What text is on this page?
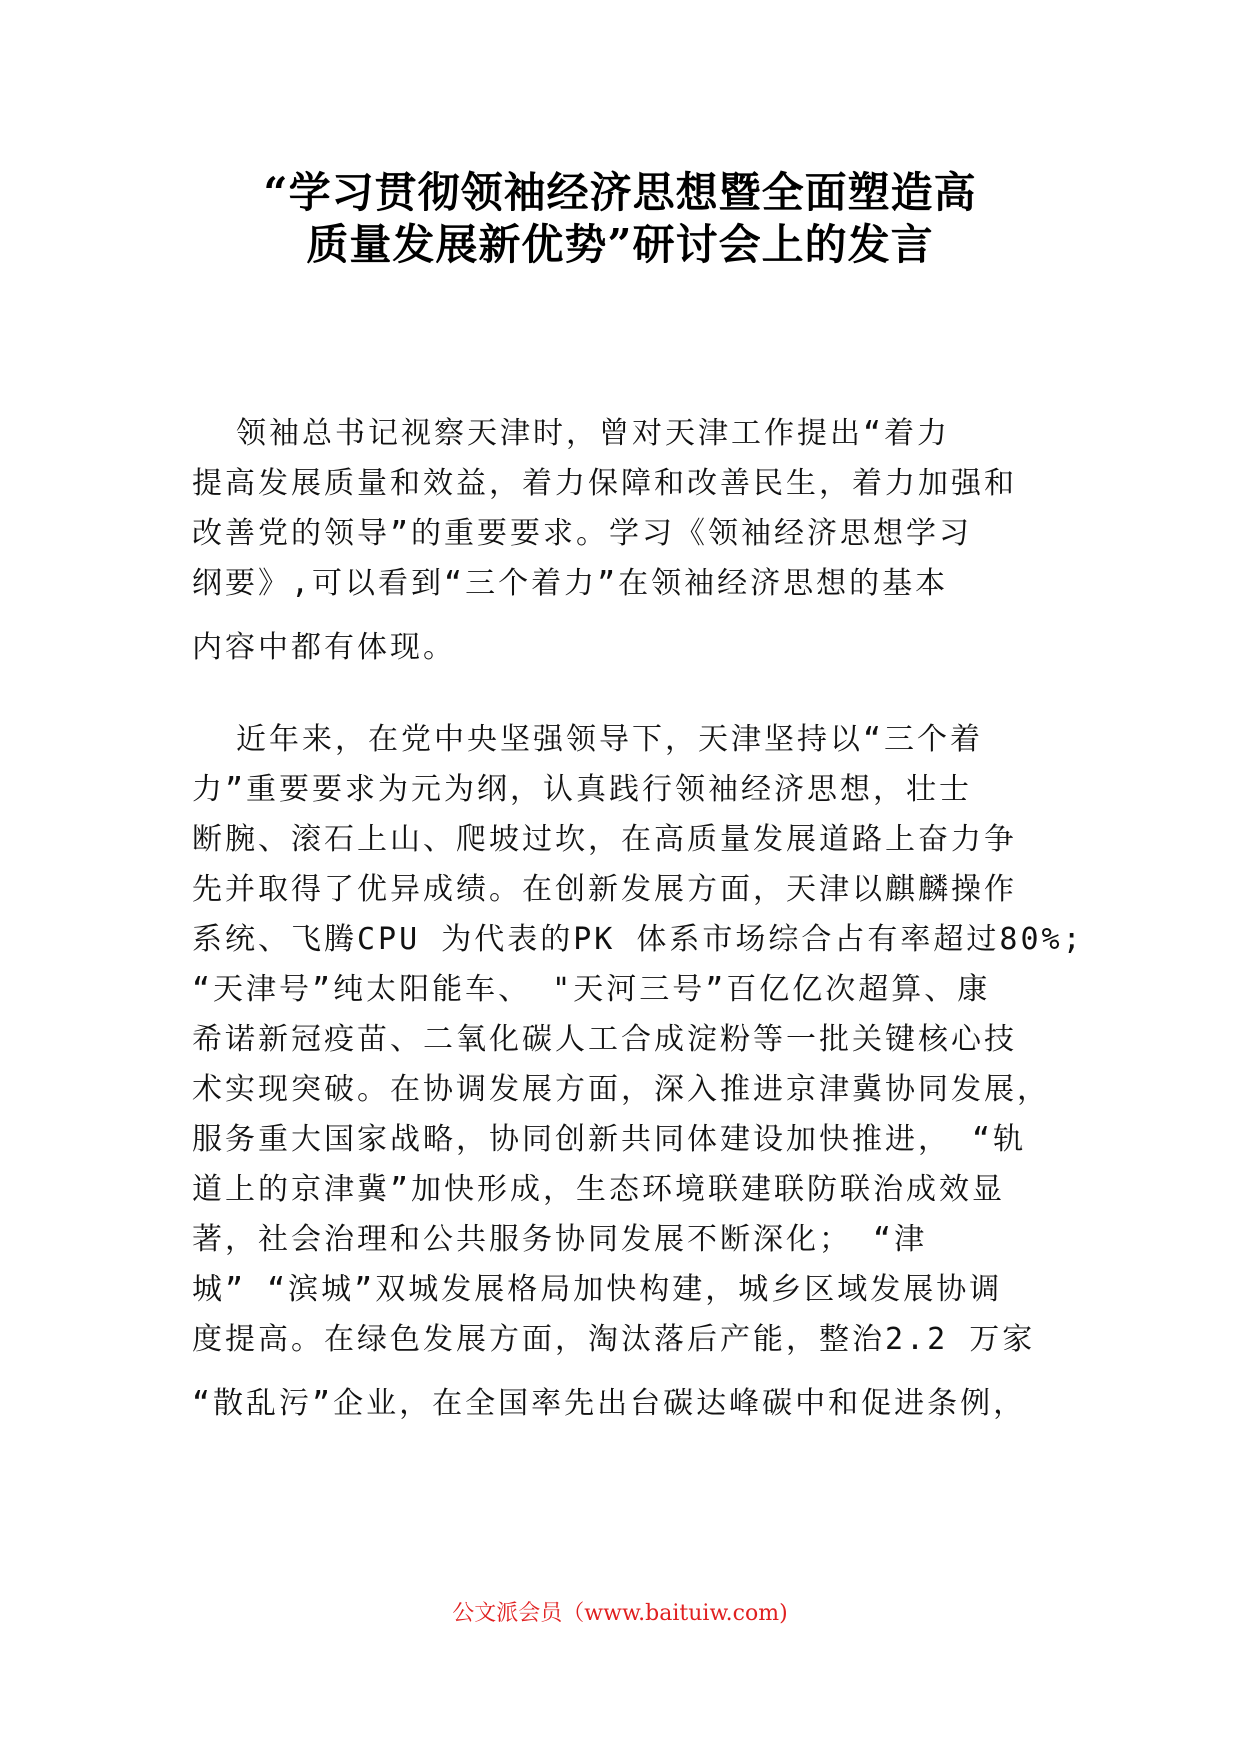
“学习贯彻领袖经济思想暨全面塑造高
质量发展新优势”研讨会上的发言
领袖总书记视察天津时，曾对天津工作提出“着力
提高发展质量和效益，着力保障和改善民生，着力加强和
改善党的领导”的重要要求。学习《领袖经济思想学习
纲要》,可以看到“三个着力”在领袖经济思想的基本
内容中都有体现。
近年来，在党中央坚强领导下，天津坚持以“三个着
力”重要要求为元为纲，认真践行领袖经济思想，壮士
断腕、滚石上山、爬坡过坎，在高质量发展道路上奋力争
先并取得了优异成绩。在创新发展方面，天津以麒麟操作
系统、飞腾CPU 为代表的PK 体系市场综合占有率超过80%;
“天津号”纯太阳能车、 "天河三号”百亿亿次超算、康
希诺新冠疫苗、二氧化碳人工合成淀粉等一批关键核心技
术实现突破。在协调发展方面，深入推进京津冀协同发展，
服务重大国家战略，协同创新共同体建设加快推进， “轨
道上的京津冀”加快形成，生态环境联建联防联治成效显
著，社会治理和公共服务协同发展不断深化； “津
城” “滨城”双城发展格局加快构建，城乡区域发展协调
度提高。在绿色发展方面，淘汰落后产能，整治2.2 万家
“散乱污”企业，在全国率先出台碳达峰碳中和促进条例，
公文派会员（www.baituiw.com)
